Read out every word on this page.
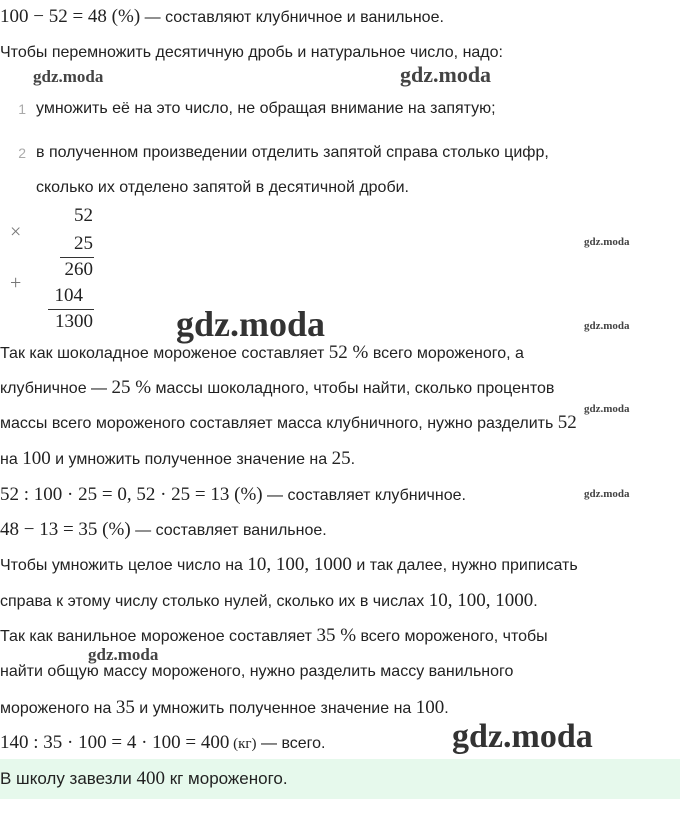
100 − 52 = 48 (%) — составляют клубничное и ванильное.
Чтобы перемножить десятичную дробь и натуральное число, надо:
1 умножить её на это число, не обращая внимание на запятую;
2 в полученном произведении отделить запятой справа столько цифр,
сколько их отделено запятой в десятичной дроби.
×
52
25
260
+
104
1300
Так как шоколадное мороженое составляет 52 % всего мороженого, а
клубничное — 25 % массы шоколадного, чтобы найти, сколько процентов
массы всего мороженого составляет масса клубничного, нужно разделить 52
на 100 и умножить полученное значение на 25.
52 : 100 · 25 = 0, 52 · 25 = 13 (%) — составляет клубничное.
48 − 13 = 35 (%) — составляет ванильное.
Чтобы умножить целое число на 10, 100, 1000 и так далее, нужно приписать
справа к этому числу столько нулей, сколько их в числах 10, 100, 1000.
Так как ванильное мороженое составляет 35 % всего мороженого, чтобы
найти общую массу мороженого, нужно разделить массу ванильного
мороженого на 35 и умножить полученное значение на 100.
140 : 35 · 100 = 4 · 100 = 400 (кг) — всего.
В школу завезли 400 кг мороженого.
gdz.moda	gdz.moda
gdz.moda
gdz.moda	gdz.moda
gdz.moda
gdz.moda
gdz.moda
gdz.moda
